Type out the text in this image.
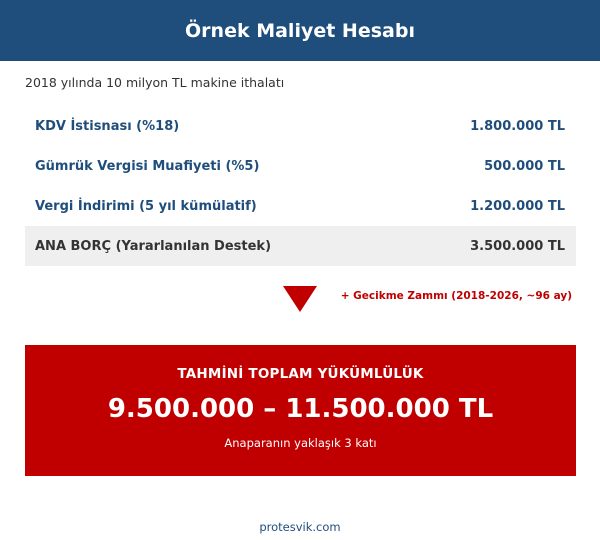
Örnek Maliyet Hesabı
2018 yılında 10 milyon TL makine ithalatı
KDV İstisnası (%18)	1.800.000 TL
Gümrük Vergisi Muafiyeti (%5)	500.000 TL
Vergi İndirimi (5 yıl kümülatif)	1.200.000 TL
ANA BORÇ (Yararlanılan Destek)	3.500.000 TL
+ Gecikme Zammı (2018-2026, ~96 ay)
TAHMİNİ TOPLAM YÜKÜMLÜLÜK
9.500.000 – 11.500.000 TL
Anaparanın yaklaşık 3 katı
protesvik.com
